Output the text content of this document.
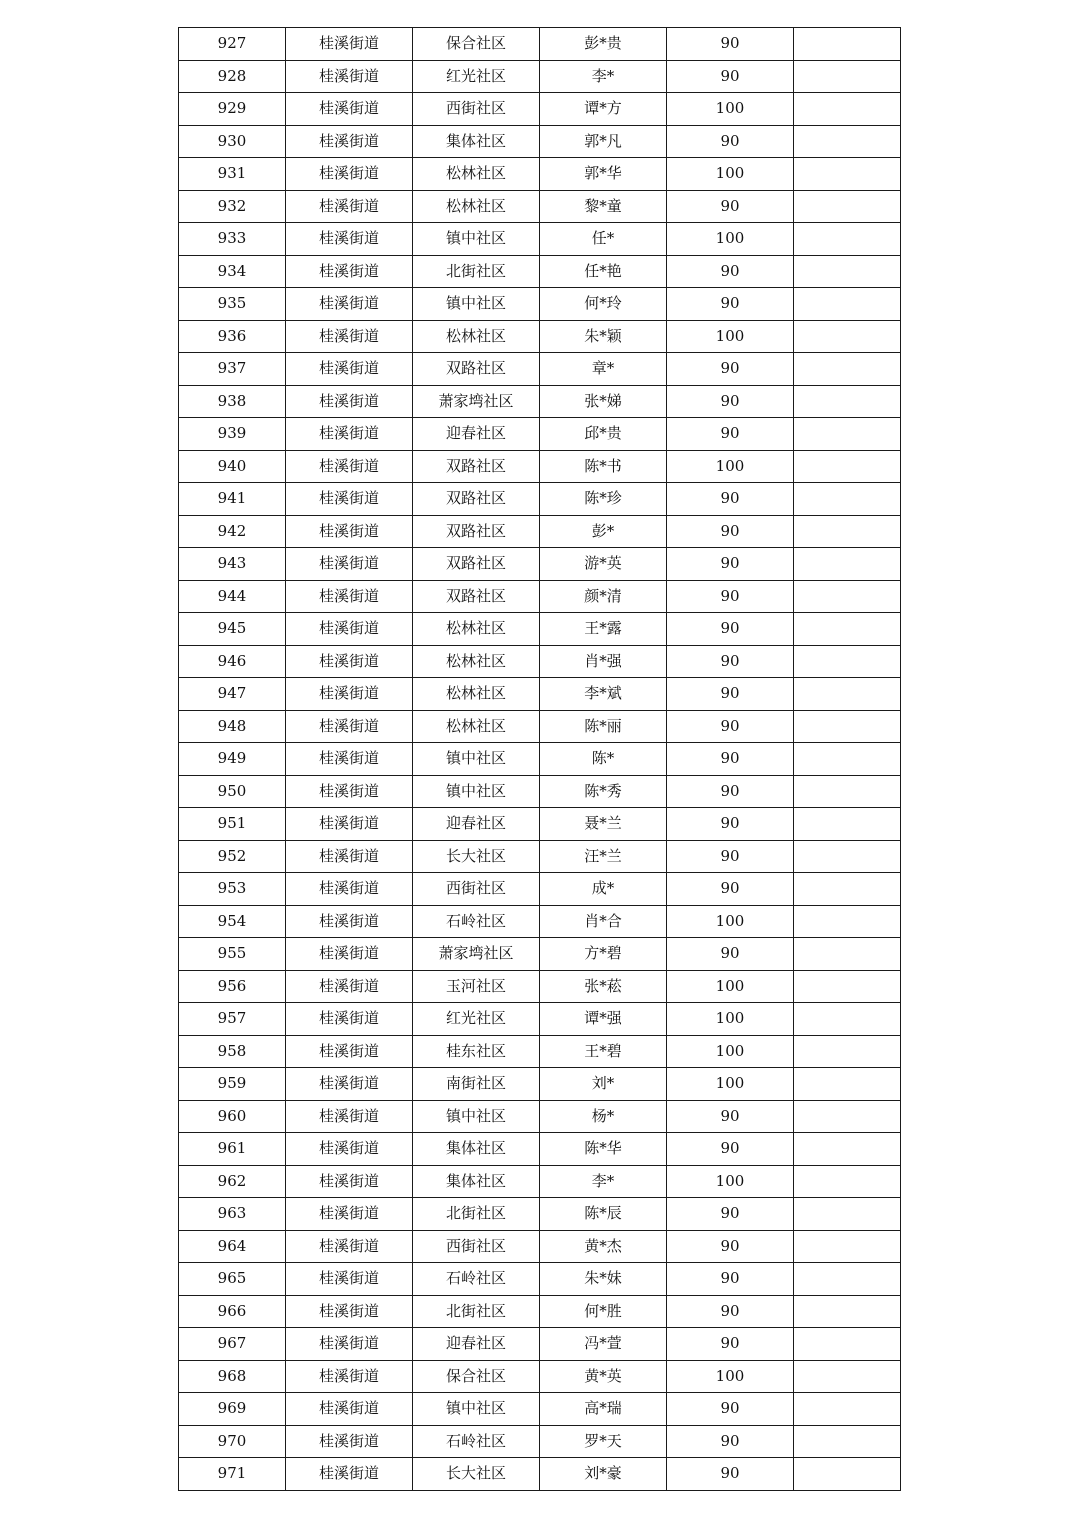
927	桂溪街道	保合社区	彭*贵	90	
928	桂溪街道	红光社区	李*	90	
929	桂溪街道	西街社区	谭*方	100	
930	桂溪街道	集体社区	郭*凡	90	
931	桂溪街道	松林社区	郭*华	100	
932	桂溪街道	松林社区	黎*童	90	
933	桂溪街道	镇中社区	任*	100	
934	桂溪街道	北街社区	任*艳	90	
935	桂溪街道	镇中社区	何*玲	90	
936	桂溪街道	松林社区	朱*颖	100	
937	桂溪街道	双路社区	章*	90	
938	桂溪街道	萧家塆社区	张*娣	90	
939	桂溪街道	迎春社区	邱*贵	90	
940	桂溪街道	双路社区	陈*书	100	
941	桂溪街道	双路社区	陈*珍	90	
942	桂溪街道	双路社区	彭*	90	
943	桂溪街道	双路社区	游*英	90	
944	桂溪街道	双路社区	颜*清	90	
945	桂溪街道	松林社区	王*露	90	
946	桂溪街道	松林社区	肖*强	90	
947	桂溪街道	松林社区	李*斌	90	
948	桂溪街道	松林社区	陈*丽	90	
949	桂溪街道	镇中社区	陈*	90	
950	桂溪街道	镇中社区	陈*秀	90	
951	桂溪街道	迎春社区	聂*兰	90	
952	桂溪街道	长大社区	汪*兰	90	
953	桂溪街道	西街社区	成*	90	
954	桂溪街道	石岭社区	肖*合	100	
955	桂溪街道	萧家塆社区	方*碧	90	
956	桂溪街道	玉河社区	张*菘	100	
957	桂溪街道	红光社区	谭*强	100	
958	桂溪街道	桂东社区	王*碧	100	
959	桂溪街道	南街社区	刘*	100	
960	桂溪街道	镇中社区	杨*	90	
961	桂溪街道	集体社区	陈*华	90	
962	桂溪街道	集体社区	李*	100	
963	桂溪街道	北街社区	陈*辰	90	
964	桂溪街道	西街社区	黄*杰	90	
965	桂溪街道	石岭社区	朱*妹	90	
966	桂溪街道	北街社区	何*胜	90	
967	桂溪街道	迎春社区	冯*萱	90	
968	桂溪街道	保合社区	黄*英	100	
969	桂溪街道	镇中社区	高*瑞	90	
970	桂溪街道	石岭社区	罗*天	90	
971	桂溪街道	长大社区	刘*豪	90	
